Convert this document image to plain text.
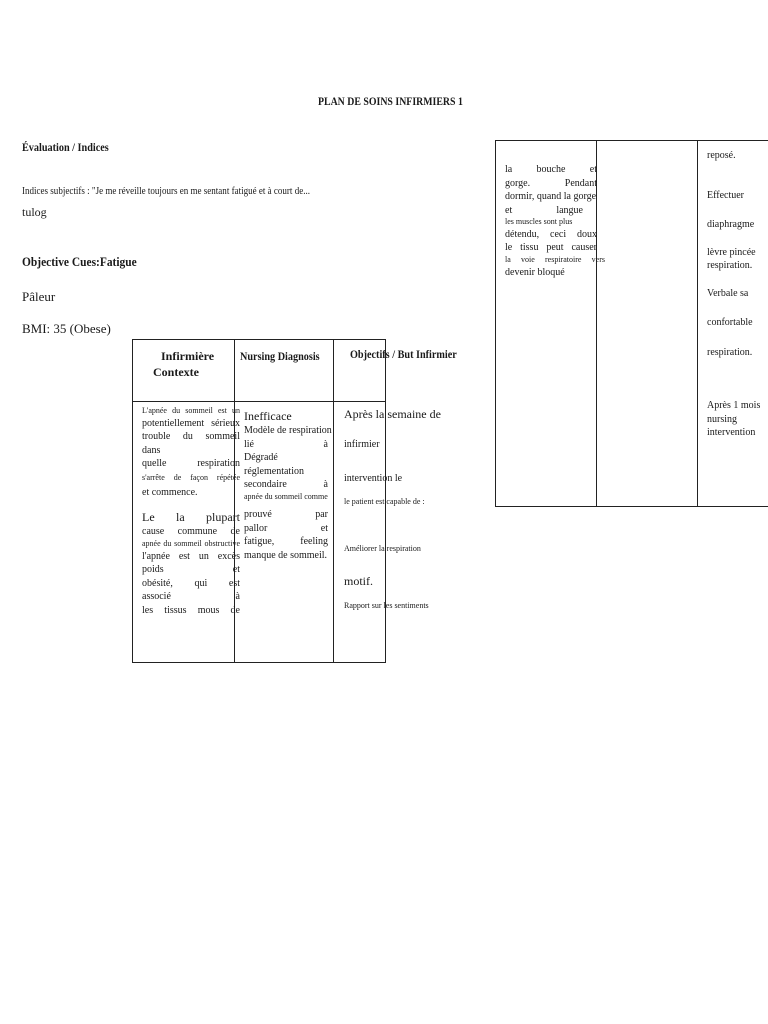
PLAN DE SOINS INFIRMIERS 1
Évaluation / Indices
Indices subjectifs : "Je me réveille toujours en me sentant fatigué et à court de...
tulog
Objective Cues:Fatigue
Pâleur
BMI: 35 (Obese)
Infirmière
Contexte
Nursing Diagnosis	Objectifs / But Infirmier

L'apnée du sommeil est un

potentiellement sérieux

trouble du sommeil dans

quelle respiration

s'arrête de façon répétée

et commence.

Le la plupart

cause commune de

apnée du sommeil obstructive

l'apnée est un excès

poids et

obésité, qui est

associé à

les tissus mous de

Inefficace

Modèle de respiration

lié à

Dégradé

réglementation

secondaire à

apnée du sommeil comme

prouvé par

pallor et

fatigue, feeling

manque de sommeil.

Après la semaine de

infirmier

intervention le

le patient est capable de :

Améliorer la respiration

motif.

Rapport sur les sentiments

la bouche et

gorge. Pendant

dormir, quand la gorge

et langue

les muscles sont plus

détendu, ceci doux

le tissu peut causer

la voie respiratoire vers

devenir bloqué

reposé.

Effectuer

diaphragme

lèvre pincée

respiration.

Verbale sa

confortable

respiration.

Après 1 mois

nursing

intervention
